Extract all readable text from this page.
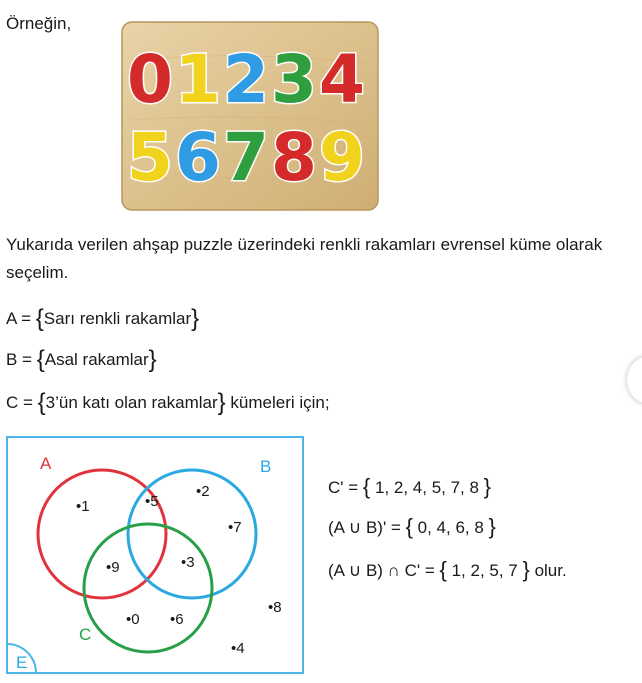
Örneğin,
0 1 2 3 4
5 6 7 8 9
Yukarıda verilen ahşap puzzle üzerindeki renkli rakamları evrensel küme olarak seçelim.
A = {Sarı renkli rakamlar}
B = {Asal rakamlar}
C = {3’ün katı olan rakamlar} kümeleri için;
E
A	B
C
•1	•5
•2
•7
•9	•3
•8
•0 •6
•4
C' = { 1, 2, 4, 5, 7, 8 }
(A ∪ B)' = { 0, 4, 6, 8 }
(A ∪ B) ∩ C' = { 1, 2, 5, 7 } olur.
